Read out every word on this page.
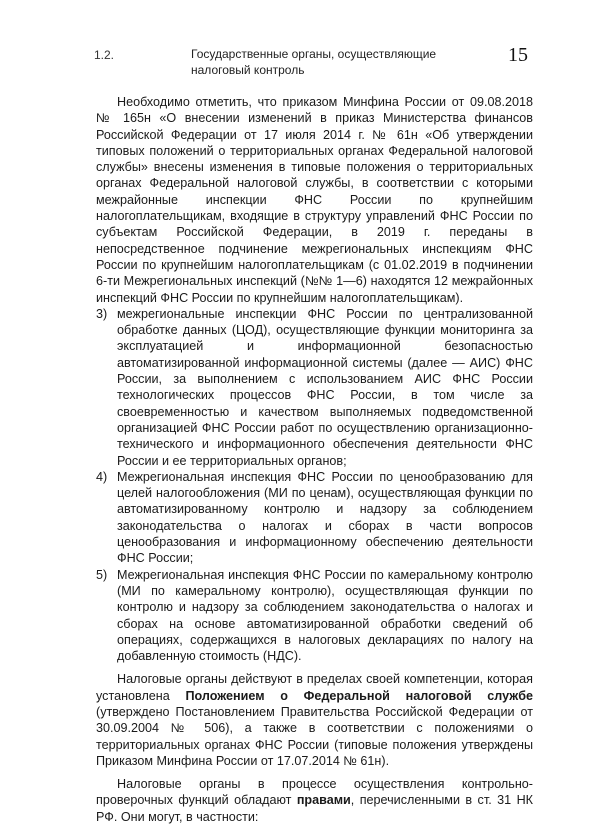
1.2.	Государственные органы, осуществляющие налоговый контроль
15

Необходимо отметить, что приказом Минфина России от 09.08.2018 № 165н «О внесении изменений в приказ Министерства финансов Российской Федерации от 17 июля 2014 г. № 61н «Об утверждении типовых положений о территориальных органах Федеральной налоговой службы» внесены изменения в типовые положения о территориальных органах Федеральной налоговой службы, в соответствии с которыми межрайонные инспекции ФНС России по крупнейшим налогоплательщикам, входящие в структуру управлений ФНС России по субъектам Российской Федерации, в 2019 г. переданы в непосредственное подчинение межрегиональных инспекциям ФНС России по крупнейшим налогоплательщикам (с 01.02.2019 в подчинении 6-ти Межрегиональных инспекций (№№ 1—6) находятся 12 межрайонных инспекций ФНС России по крупнейшим налогоплательщикам).

3) межрегиональные инспекции ФНС России по централизованной обработке данных (ЦОД), осуществляющие функции мониторинга за эксплуатацией и информационной безопасностью автоматизированной информационной системы (далее — АИС) ФНС России, за выполнением с использованием АИС ФНС России технологических процессов ФНС России, в том числе за своевременностью и качеством выполняемых подведомственной организацией ФНС России работ по осуществлению организационно-технического и информационного обеспечения деятельности ФНС России и ее территориальных органов;

4) Межрегиональная инспекция ФНС России по ценообразованию для целей налогообложения (МИ по ценам), осуществляющая функции по автоматизированному контролю и надзору за соблюдением законодательства о налогах и сборах в части вопросов ценообразования и информационному обеспечению деятельности ФНС России;

5) Межрегиональная инспекция ФНС России по камеральному контролю (МИ по камеральному контролю), осуществляющая функции по контролю и надзору за соблюдением законодательства о налогах и сборах на основе автоматизированной обработки сведений об операциях, содержащихся в налоговых декларациях по налогу на добавленную стоимость (НДС).

Налоговые органы действуют в пределах своей компетенции, которая установлена Положением о Федеральной налоговой службе (утверждено Постановлением Правительства Российской Федерации от 30.09.2004 № 506), а также в соответствии с положениями о территориальных органах ФНС России (типовые положения утверждены Приказом Минфина России от 17.07.2014 № 61н).

Налоговые органы в процессе осуществления контрольно-проверочных функций обладают правами, перечисленными в ст. 31 НК РФ. Они могут, в частности:
